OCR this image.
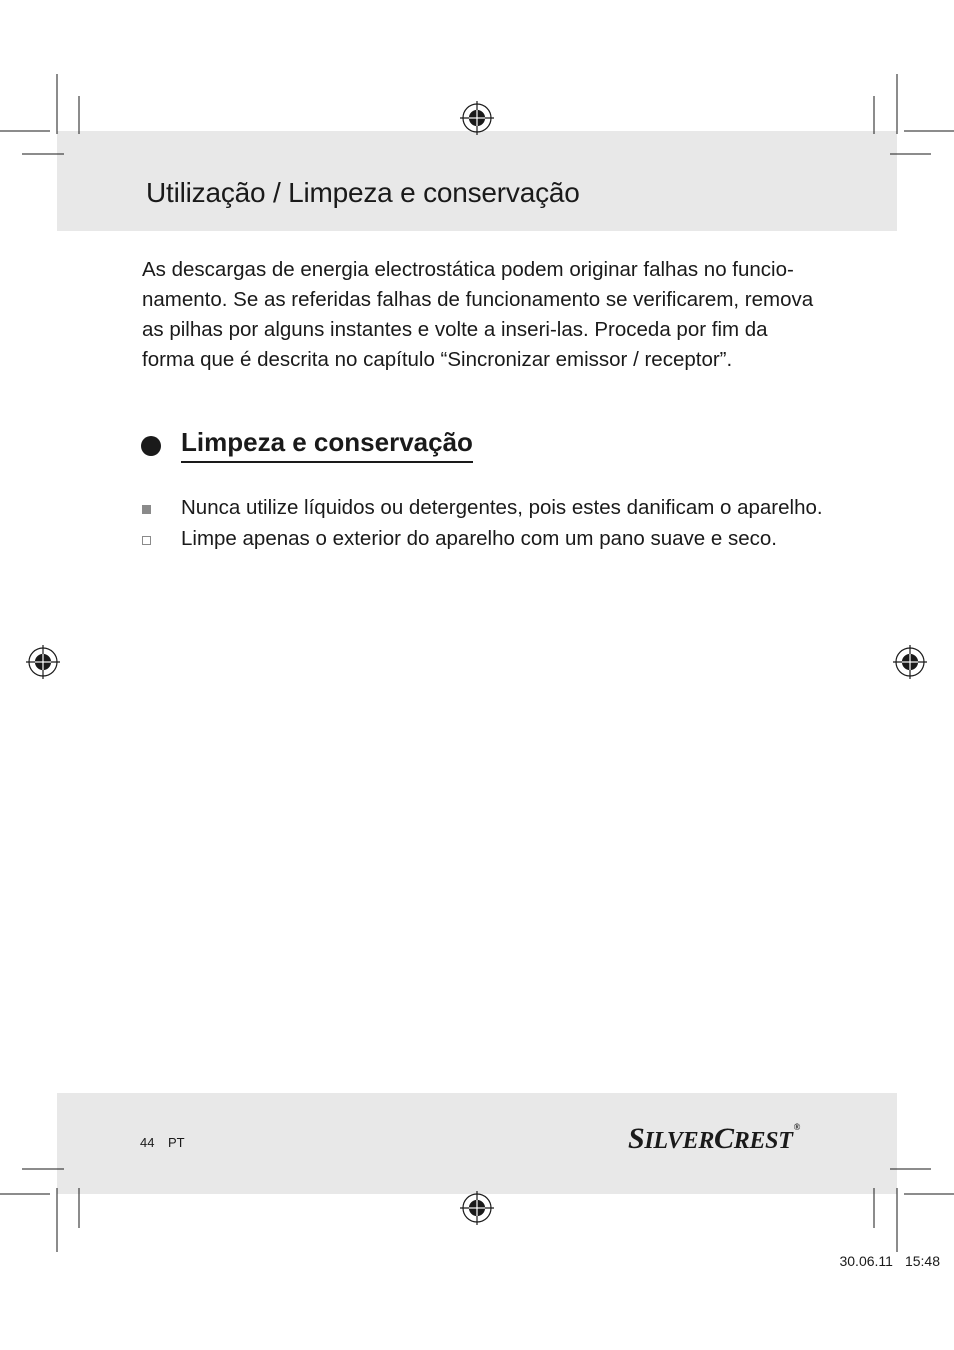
Utilização / Limpeza e conservação

As descargas de energia electrostática podem originar falhas no funcio-
namento. Se as referidas falhas de funcionamento se verificarem, remova
as pilhas por alguns instantes e volte a inseri-las. Proceda por fim da
forma que é descrita no capítulo “Sincronizar emissor / receptor”.

Limpeza e conservação
Nunca utilize líquidos ou detergentes, pois estes danificam o aparelho.
Limpe apenas o exterior do aparelho com um pano suave e seco.
44 PT	SILVERCREST®
30.06.11 15:48
